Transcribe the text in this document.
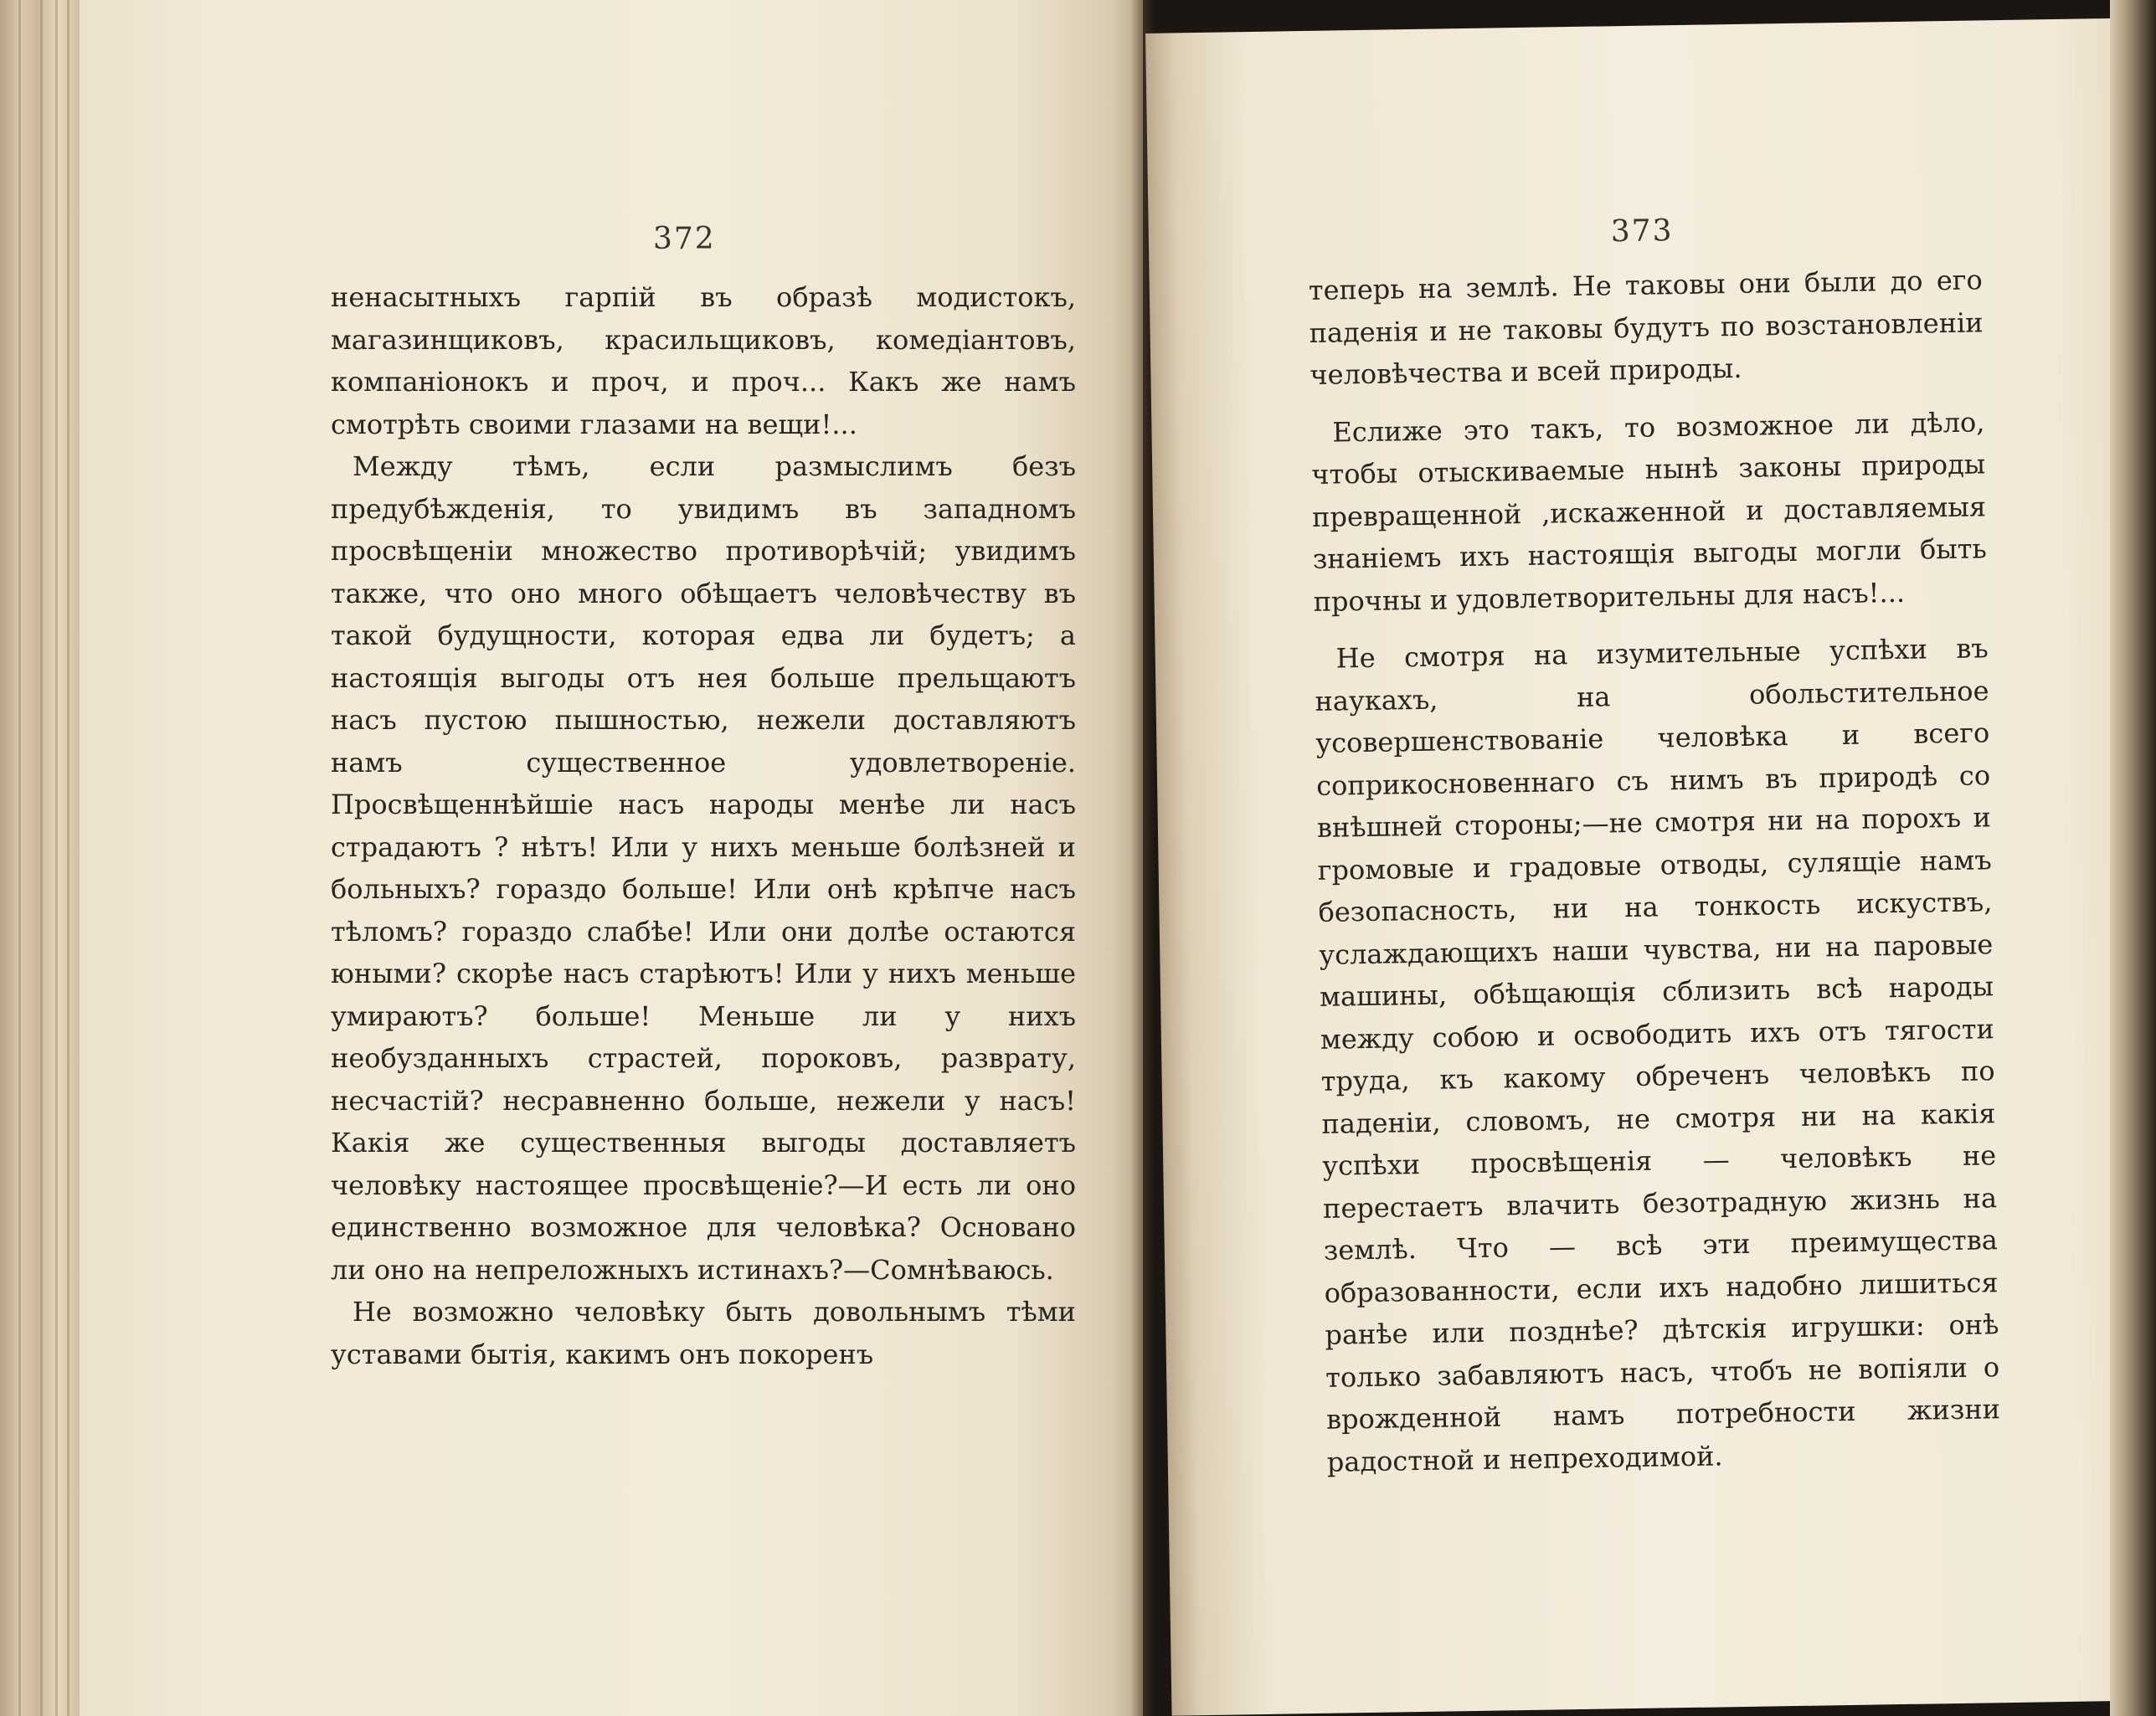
372

ненасытныхъ гарпій въ образѣ модистокъ, магазинщиковъ, красильщиковъ, комедіантовъ, компаніонокъ и проч, и проч... Какъ же намъ смотрѣть своими глазами на вещи!...

Между тѣмъ, если размыслимъ безъ предубѣжденія, то увидимъ въ западномъ просвѣщеніи множество противорѣчій; увидимъ также, что оно много обѣщаетъ человѣчеству въ такой будущности, которая едва ли будетъ; а настоящія выгоды отъ нея больше прельщаютъ насъ пустою пышностью, нежели доставляютъ намъ существенное удовлетвореніе. Просвѣщеннѣйшіе насъ народы менѣе ли насъ страдаютъ ? нѣтъ! Или у нихъ меньше болѣзней и больныхъ? гораздо больше! Или онѣ крѣпче насъ тѣломъ? гораздо слабѣе! Или они долѣе остаются юными? скорѣе насъ старѣютъ! Или у нихъ меньше умираютъ? больше! Меньше ли у нихъ необузданныхъ страстей, пороковъ, разврату, несчастій? несравненно больше, нежели у насъ! Какія же существенныя выгоды доставляетъ человѣку настоящее просвѣщеніе?—И есть ли оно единственно возможное для человѣка? Основано ли оно на непреложныхъ истинахъ?—Сомнѣваюсь.

Не возможно человѣку быть довольнымъ тѣми уставами бытія, какимъ онъ покоренъ

373

теперь на землѣ. Не таковы они были до его паденія и не таковы будутъ по возстановленіи человѣчества и всей природы.

Еслиже это такъ, то возможное ли дѣло, чтобы отыскиваемые нынѣ законы природы превращенной ,искаженной и доставляемыя знаніемъ ихъ настоящія выгоды могли быть прочны и удовлетворительны для насъ!...

Не смотря на изумительные успѣхи въ наукахъ, на обольстительное усовершенствованіе человѣка и всего соприкосновеннаго съ нимъ въ природѣ со внѣшней стороны;—не смотря ни на порохъ и громовые и градовые отводы, сулящіе намъ безопасность, ни на тонкость искуствъ, услаждающихъ наши чувства, ни на паровые машины, обѣщающія сблизить всѣ народы между собою и освободить ихъ отъ тягости труда, къ какому обреченъ человѣкъ по паденіи, словомъ, не смотря ни на какія успѣхи просвѣщенія — человѣкъ не перестаетъ влачить безотрадную жизнь на землѣ. Что — всѣ эти преимущества образованности, если ихъ надобно лишиться ранѣе или позднѣе? дѣтскія игрушки: онѣ только забавляютъ насъ, чтобъ не вопіяли о врожденной намъ потребности жизни радостной и непреходимой.
